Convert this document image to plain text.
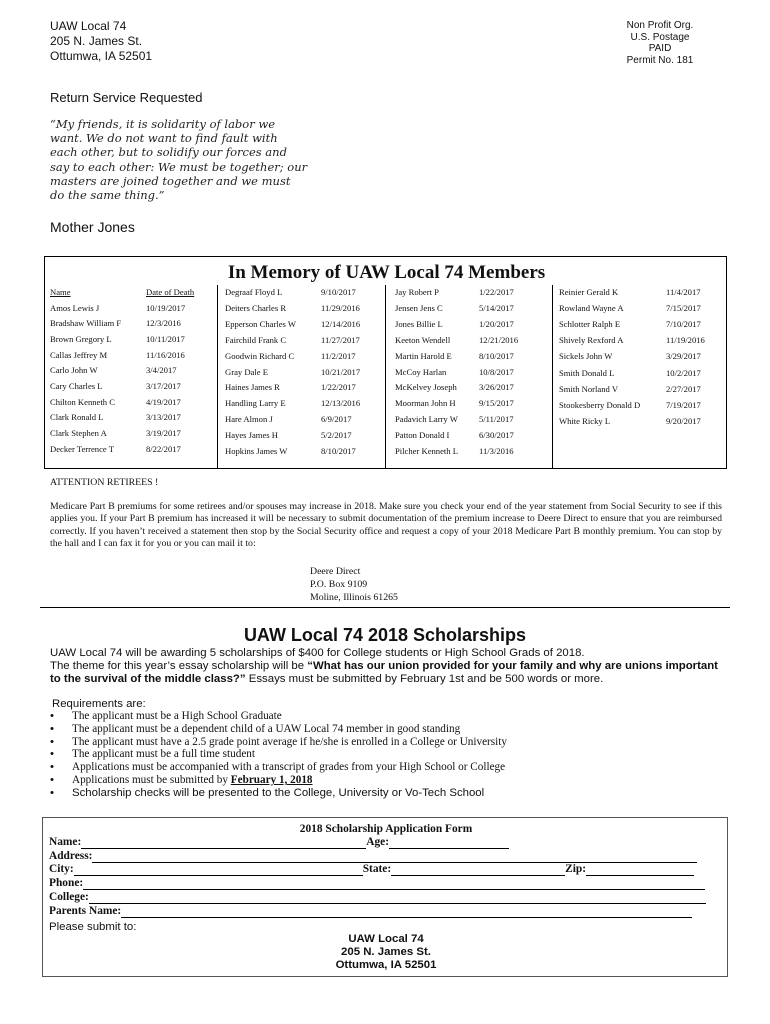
UAW Local 74
205 N. James St.
Ottumwa, IA 52501
Non Profit Org.
U.S. Postage
PAID
Permit No. 181
Return Service Requested
“My friends, it is solidarity of labor we
want. We do not want to find fault with
each other, but to solidify our forces and
say to each other: We must be together; our
masters are joined together and we must
do the same thing.”
Mother Jones
In Memory of UAW Local 74 Members
Name	Date of Death
Amos Lewis J	10/19/2017
Bradshaw William F	12/3/2016
Brown Gregory L	10/11/2017
Callas Jeffrey M	11/16/2016
Carlo John W	3/4/2017
Cary Charles L	3/17/2017
Chilton Kenneth C	4/19/2017
Clark Ronald L	3/13/2017
Clark Stephen A	3/19/2017
Decker Terrence T	8/22/2017
Degraaf Floyd L	9/10/2017
Deiters Charles R	11/29/2016
Epperson Charles W	12/14/2016
Fairchild Frank C	11/27/2017
Goodwin Richard C	11/2/2017
Gray Dale E	10/21/2017
Haines James R	1/22/2017
Handling Larry E	12/13/2016
Hare Almon J	6/9/2017
Hayes James H	5/2/2017
Hopkins James W	8/10/2017
Jay Robert P	1/22/2017
Jensen Jens C	5/14/2017
Jones Billie L	1/20/2017
Keeton Wendell	12/21/2016
Martin Harold E	8/10/2017
McCoy Harlan	10/8/2017
McKelvey Joseph	3/26/2017
Moorman John H	9/15/2017
Padavich Larry W	5/11/2017
Patton Donald I	6/30/2017
Pilcher Kenneth L	11/3/2016
Reinier Gerald K	11/4/2017
Rowland Wayne A	7/15/2017
Schlotter Ralph E	7/10/2017
Shively Rexford A	11/19/2016
Sickels John W	3/29/2017
Smith Donald L	10/2/2017
Smith Norland V	2/27/2017
Stookesberry Donald D	7/19/2017
White Ricky L	9/20/2017
ATTENTION RETIREES !
Medicare Part B premiums for some retirees and/or spouses may increase in 2018. Make sure you check your end of the year statement from Social Security to see if this applies you. If your Part B premium has increased it will be necessary to submit documentation of the premium increase to Deere Direct to ensure that you are reimbursed correctly. If you haven’t received a statement then stop by the Social Security office and request a copy of your 2018 Medicare Part B monthly premium. You can stop by the hall and I can fax it for you or you can mail it to:
Deere Direct
P.O. Box 9109
Moline, Illinois 61265
UAW Local 74 2018 Scholarships
UAW Local 74 will be awarding 5 scholarships of $400 for College students or High School Grads of 2018.
The theme for this year’s essay scholarship will be “What has our union provided for your family and why are unions important to the survival of the middle class?” Essays must be submitted by February 1st and be 500 words or more.
Requirements are:
•	The applicant must be a High School Graduate
•	The applicant must be a dependent child of a UAW Local 74 member in good standing
•	The applicant must have a 2.5 grade point average if he/she is enrolled in a College or University
•	The applicant must be a full time student
•	Applications must be accompanied with a transcript of grades from your High School or College
•	Applications must be submitted by February 1, 2018
•	Scholarship checks will be presented to the College, University or Vo-Tech School
2018 Scholarship Application Form
Name:	Age:
Address:
City:	State:	Zip:
Phone:
College:
Parents Name:
Please submit to:
UAW Local 74
205 N. James St.
Ottumwa, IA 52501
